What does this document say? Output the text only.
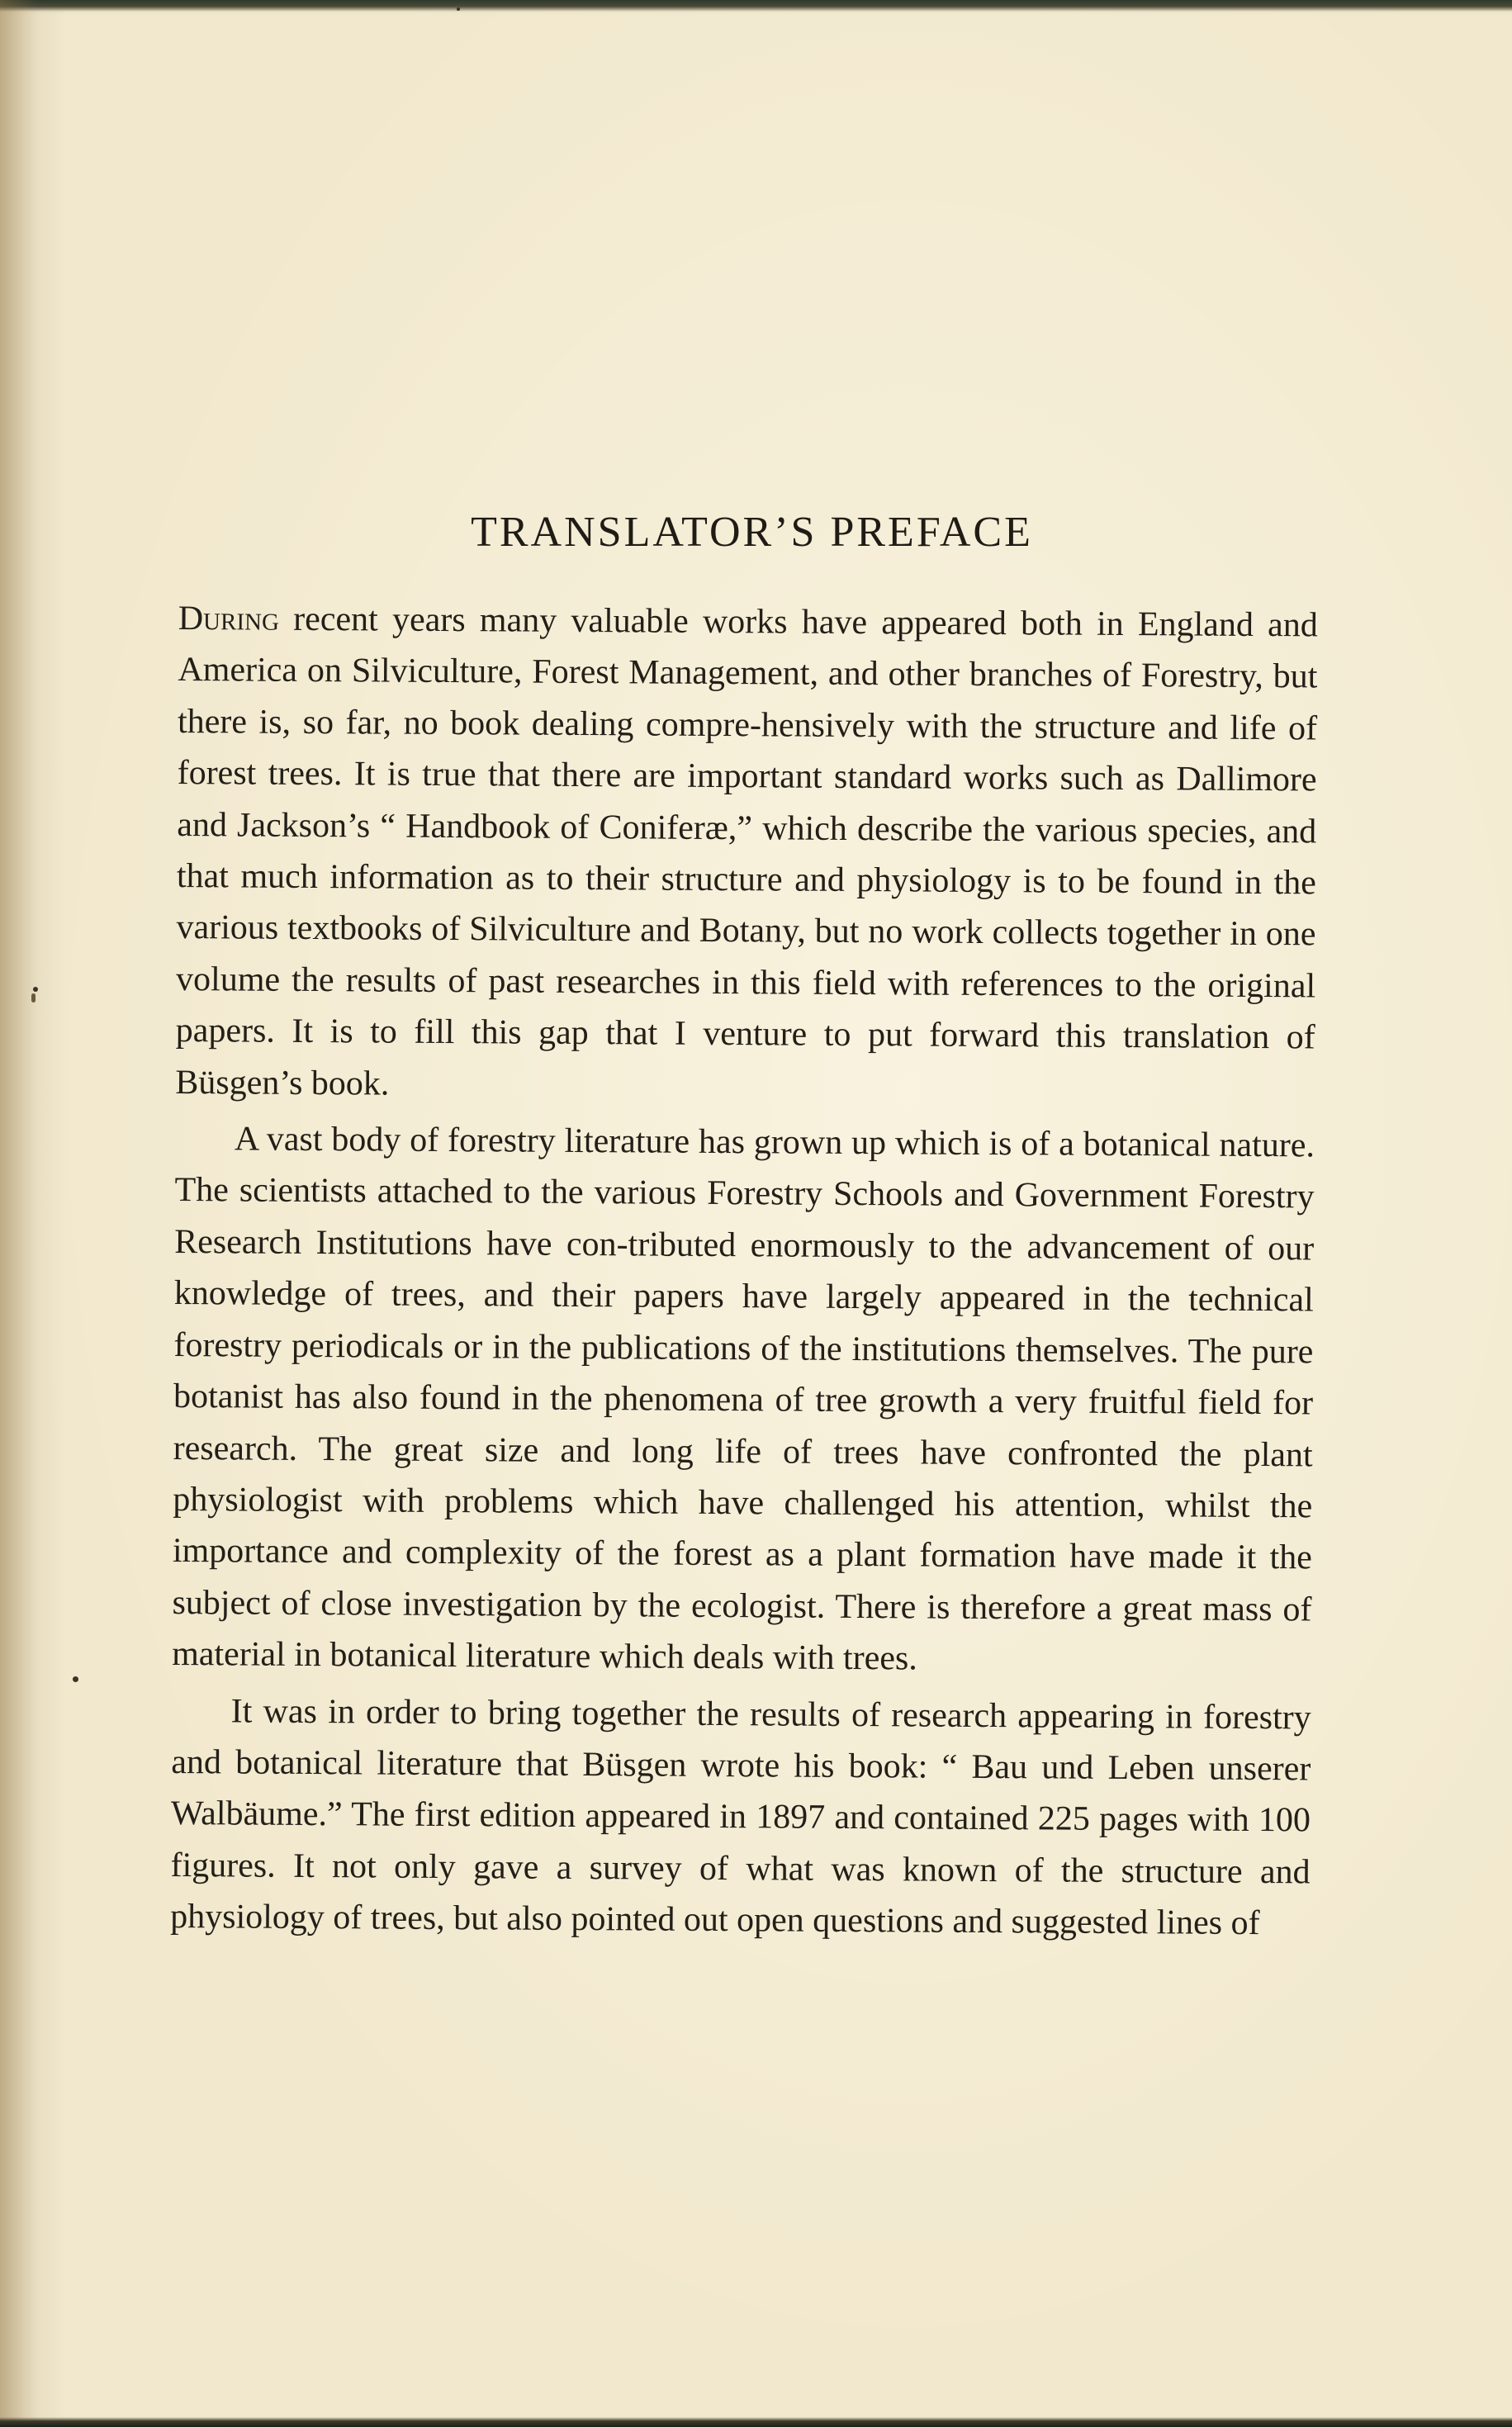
TRANSLATOR’S PREFACE

During recent years many valuable works have appeared both in England and America on Silviculture, Forest Management, and other branches of Forestry, but there is, so far, no book dealing compre-hensively with the structure and life of forest trees. It is true that there are important standard works such as Dallimore and Jackson’s “ Handbook of Coniferæ,” which describe the various species, and that much information as to their structure and physiology is to be found in the various textbooks of Silviculture and Botany, but no work collects together in one volume the results of past researches in this field with references to the original papers. It is to fill this gap that I venture to put forward this translation of Büsgen’s book.

A vast body of forestry literature has grown up which is of a botanical nature. The scientists attached to the various Forestry Schools and Government Forestry Research Institutions have con-tributed enormously to the advancement of our knowledge of trees, and their papers have largely appeared in the technical forestry periodicals or in the publications of the institutions themselves. The pure botanist has also found in the phenomena of tree growth a very fruitful field for research. The great size and long life of trees have confronted the plant physiologist with problems which have challenged his attention, whilst the importance and complexity of the forest as a plant formation have made it the subject of close investigation by the ecologist. There is therefore a great mass of material in botanical literature which deals with trees.

It was in order to bring together the results of research appearing in forestry and botanical literature that Büsgen wrote his book: “ Bau und Leben unserer Walbäume.” The first edition appeared in 1897 and contained 225 pages with 100 figures. It not only gave a survey of what was known of the structure and physiology of trees, but also pointed out open questions and suggested lines of
